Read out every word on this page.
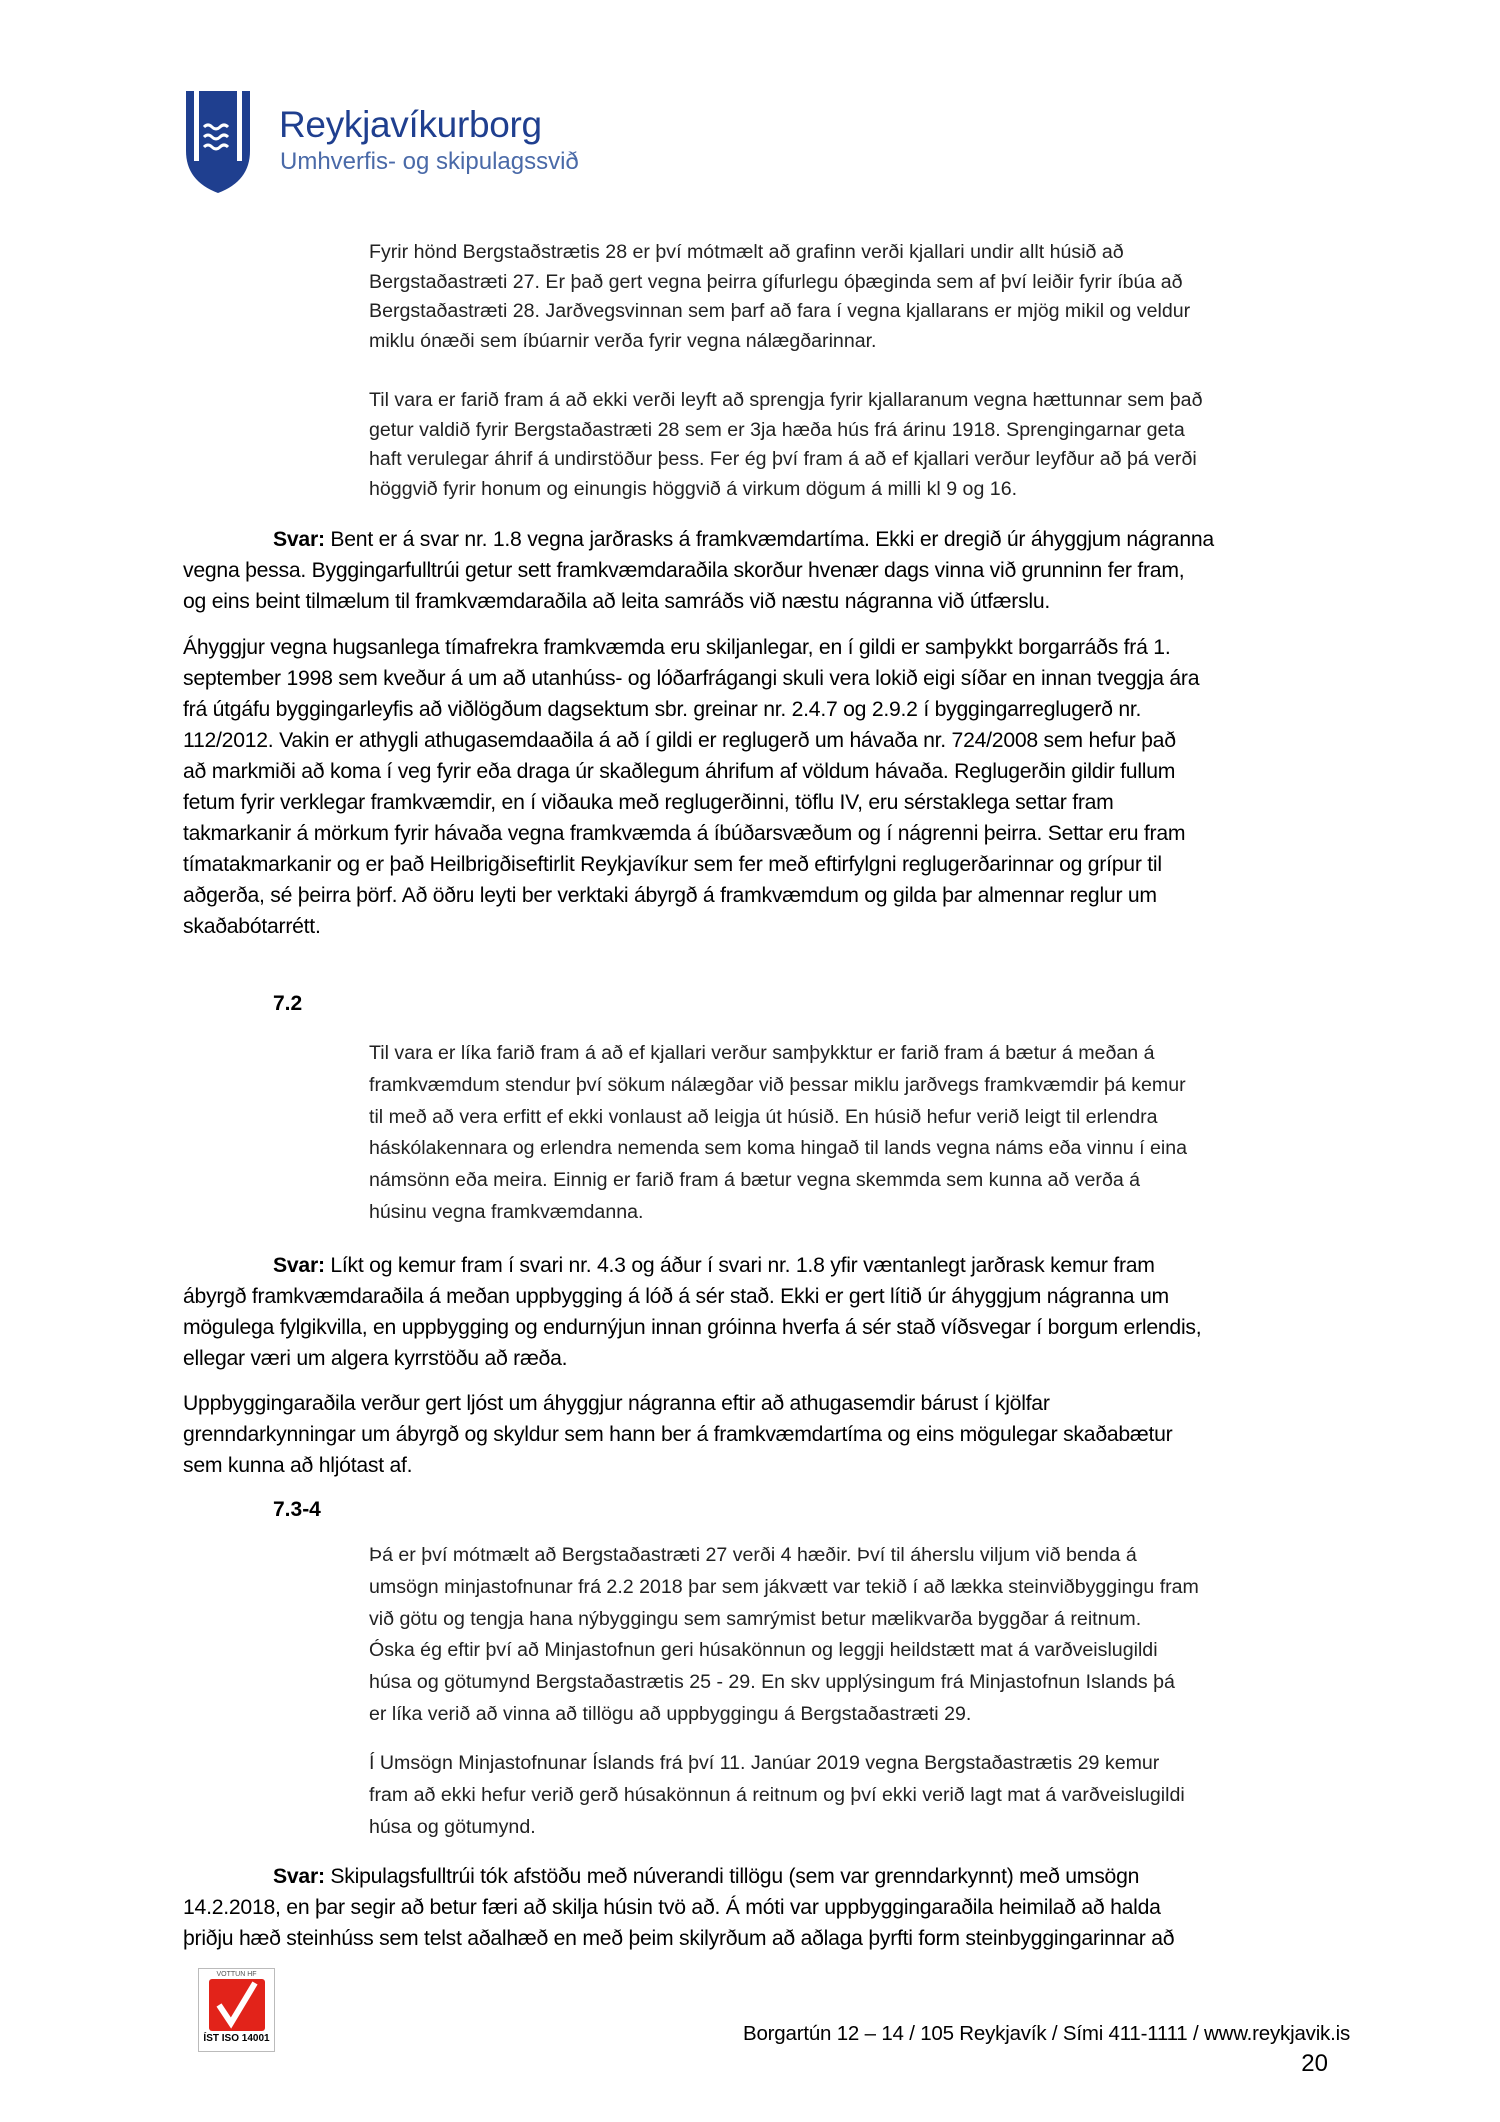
Reykjavíkurborg
Umhverfis- og skipulagssvið
Fyrir hönd Bergstaðstrætis 28 er því mótmælt að grafinn verði kjallari undir allt húsið að
Bergstaðastræti 27. Er það gert vegna þeirra gífurlegu óþæginda sem af því leiðir fyrir íbúa að
Bergstaðastræti 28. Jarðvegsvinnan sem þarf að fara í vegna kjallarans er mjög mikil og veldur
miklu ónæði sem íbúarnir verða fyrir vegna nálægðarinnar.
Til vara er farið fram á að ekki verði leyft að sprengja fyrir kjallaranum vegna hættunnar sem það
getur valdið fyrir Bergstaðastræti 28 sem er 3ja hæða hús frá árinu 1918. Sprengingarnar geta
haft verulegar áhrif á undirstöður þess. Fer ég því fram á að ef kjallari verður leyfður að þá verði
höggvið fyrir honum og einungis höggvið á virkum dögum á milli kl 9 og 16.
Svar: Bent er á svar nr. 1.8 vegna jarðrasks á framkvæmdartíma. Ekki er dregið úr áhyggjum nágranna
vegna þessa. Byggingarfulltrúi getur sett framkvæmdaraðila skorður hvenær dags vinna við grunninn fer fram,
og eins beint tilmælum til framkvæmdaraðila að leita samráðs við næstu nágranna við útfærslu.
Áhyggjur vegna hugsanlega tímafrekra framkvæmda eru skiljanlegar, en í gildi er samþykkt borgarráðs frá 1.
september 1998 sem kveður á um að utanhúss- og lóðarfrágangi skuli vera lokið eigi síðar en innan tveggja ára
frá útgáfu byggingarleyfis að viðlögðum dagsektum sbr. greinar nr. 2.4.7 og 2.9.2 í byggingarreglugerð nr.
112/2012. Vakin er athygli athugasemdaaðila á að í gildi er reglugerð um hávaða nr. 724/2008 sem hefur það
að markmiði að koma í veg fyrir eða draga úr skaðlegum áhrifum af völdum hávaða. Reglugerðin gildir fullum
fetum fyrir verklegar framkvæmdir, en í viðauka með reglugerðinni, töflu IV, eru sérstaklega settar fram
takmarkanir á mörkum fyrir hávaða vegna framkvæmda á íbúðarsvæðum og í nágrenni þeirra. Settar eru fram
tímatakmarkanir og er það Heilbrigðiseftirlit Reykjavíkur sem fer með eftirfylgni reglugerðarinnar og grípur til
aðgerða, sé þeirra þörf. Að öðru leyti ber verktaki ábyrgð á framkvæmdum og gilda þar almennar reglur um
skaðabótarrétt.
7.2
Til vara er líka farið fram á að ef kjallari verður samþykktur er farið fram á bætur á meðan á
framkvæmdum stendur því sökum nálægðar við þessar miklu jarðvegs framkvæmdir þá kemur
til með að vera erfitt ef ekki vonlaust að leigja út húsið. En húsið hefur verið leigt til erlendra
háskólakennara og erlendra nemenda sem koma hingað til lands vegna náms eða vinnu í eina
námsönn eða meira. Einnig er farið fram á bætur vegna skemmda sem kunna að verða á
húsinu vegna framkvæmdanna.
Svar: Líkt og kemur fram í svari nr. 4.3 og áður í svari nr. 1.8 yfir væntanlegt jarðrask kemur fram
ábyrgð framkvæmdaraðila á meðan uppbygging á lóð á sér stað. Ekki er gert lítið úr áhyggjum nágranna um
mögulega fylgikvilla, en uppbygging og endurnýjun innan gróinna hverfa á sér stað víðsvegar í borgum erlendis,
ellegar væri um algera kyrrstöðu að ræða.
Uppbyggingaraðila verður gert ljóst um áhyggjur nágranna eftir að athugasemdir bárust í kjölfar
grenndarkynningar um ábyrgð og skyldur sem hann ber á framkvæmdartíma og eins mögulegar skaðabætur
sem kunna að hljótast af.
7.3-4
Þá er því mótmælt að Bergstaðastræti 27 verði 4 hæðir. Því til áherslu viljum við benda á
umsögn minjastofnunar frá 2.2 2018 þar sem jákvætt var tekið í að lækka steinviðbyggingu fram
við götu og tengja hana nýbyggingu sem samrýmist betur mælikvarða byggðar á reitnum.
Óska ég eftir því að Minjastofnun geri húsakönnun og leggji heildstætt mat á varðveislugildi
húsa og götumynd Bergstaðastrætis 25 - 29. En skv upplýsingum frá Minjastofnun Islands þá
er líka verið að vinna að tillögu að uppbyggingu á Bergstaðastræti 29.
Í Umsögn Minjastofnunar Íslands frá því 11. Janúar 2019 vegna Bergstaðastrætis 29 kemur
fram að ekki hefur verið gerð húsakönnun á reitnum og því ekki verið lagt mat á varðveislugildi
húsa og götumynd.
Svar: Skipulagsfulltrúi tók afstöðu með núverandi tillögu (sem var grenndarkynnt) með umsögn
14.2.2018, en þar segir að betur færi að skilja húsin tvö að. Á móti var uppbyggingaraðila heimilað að halda
þriðju hæð steinhúss sem telst aðalhæð en með þeim skilyrðum að aðlaga þyrfti form steinbyggingarinnar að
VOTTUN HF
ÍST ISO 14001	Borgartún 12 – 14 / 105 Reykjavík / Sími 411-1111 / www.reykjavik.is
20
